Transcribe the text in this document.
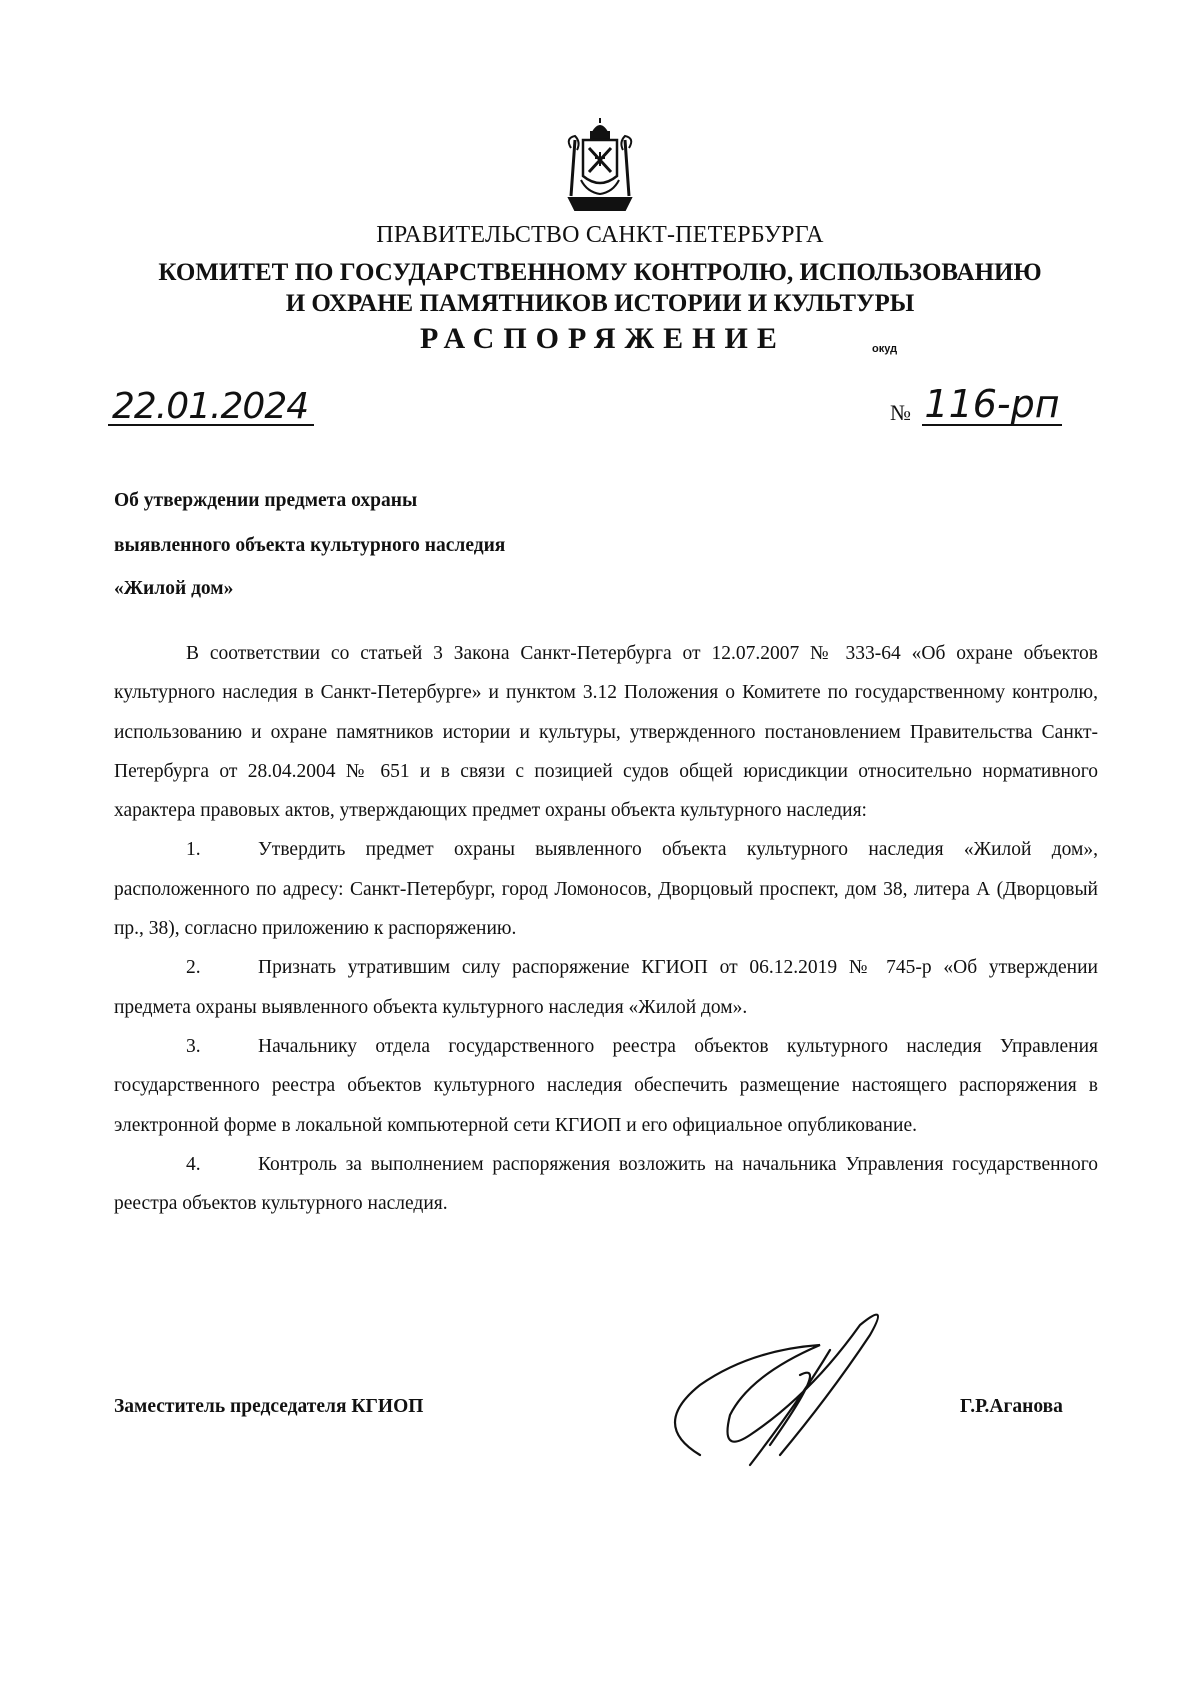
ПРАВИТЕЛЬСТВО САНКТ-ПЕТЕРБУРГА
КОМИТЕТ ПО ГОСУДАРСТВЕННОМУ КОНТРОЛЮ, ИСПОЛЬЗОВАНИЮ
И ОХРАНЕ ПАМЯТНИКОВ ИСТОРИИ И КУЛЬТУРЫ
РАСПОРЯЖЕНИЕ	окуд
22.01.2024	№ 116-рп
Об утверждении предмета охраны
выявленного объекта культурного наследия
«Жилой дом»

В соответствии со статьей 3 Закона Санкт-Петербурга от 12.07.2007 № 333-64 «Об охране объектов культурного наследия в Санкт-Петербурге» и пунктом 3.12 Положения о Комитете по государственному контролю, использованию и охране памятников истории и культуры, утвержденного постановлением Правительства Санкт-Петербурга от 28.04.2004 № 651 и в связи с позицией судов общей юрисдикции относительно нормативного характера правовых актов, утверждающих предмет охраны объекта культурного наследия:

1.	Утвердить предмет охраны выявленного объекта культурного наследия «Жилой дом», расположенного по адресу: Санкт-Петербург, город Ломоносов, Дворцовый проспект, дом 38, литера А (Дворцовый пр., 38), согласно приложению к распоряжению.

2.	Признать утратившим силу распоряжение КГИОП от 06.12.2019 № 745-р «Об утверждении предмета охраны выявленного объекта культурного наследия «Жилой дом».

3.	Начальнику отдела государственного реестра объектов культурного наследия Управления государственного реестра объектов культурного наследия обеспечить размещение настоящего распоряжения в электронной форме в локальной компьютерной сети КГИОП и его официальное опубликование.

4.	Контроль за выполнением распоряжения возложить на начальника Управления государственного реестра объектов культурного наследия.

Заместитель председателя КГИОП	Г.Р.Аганова
